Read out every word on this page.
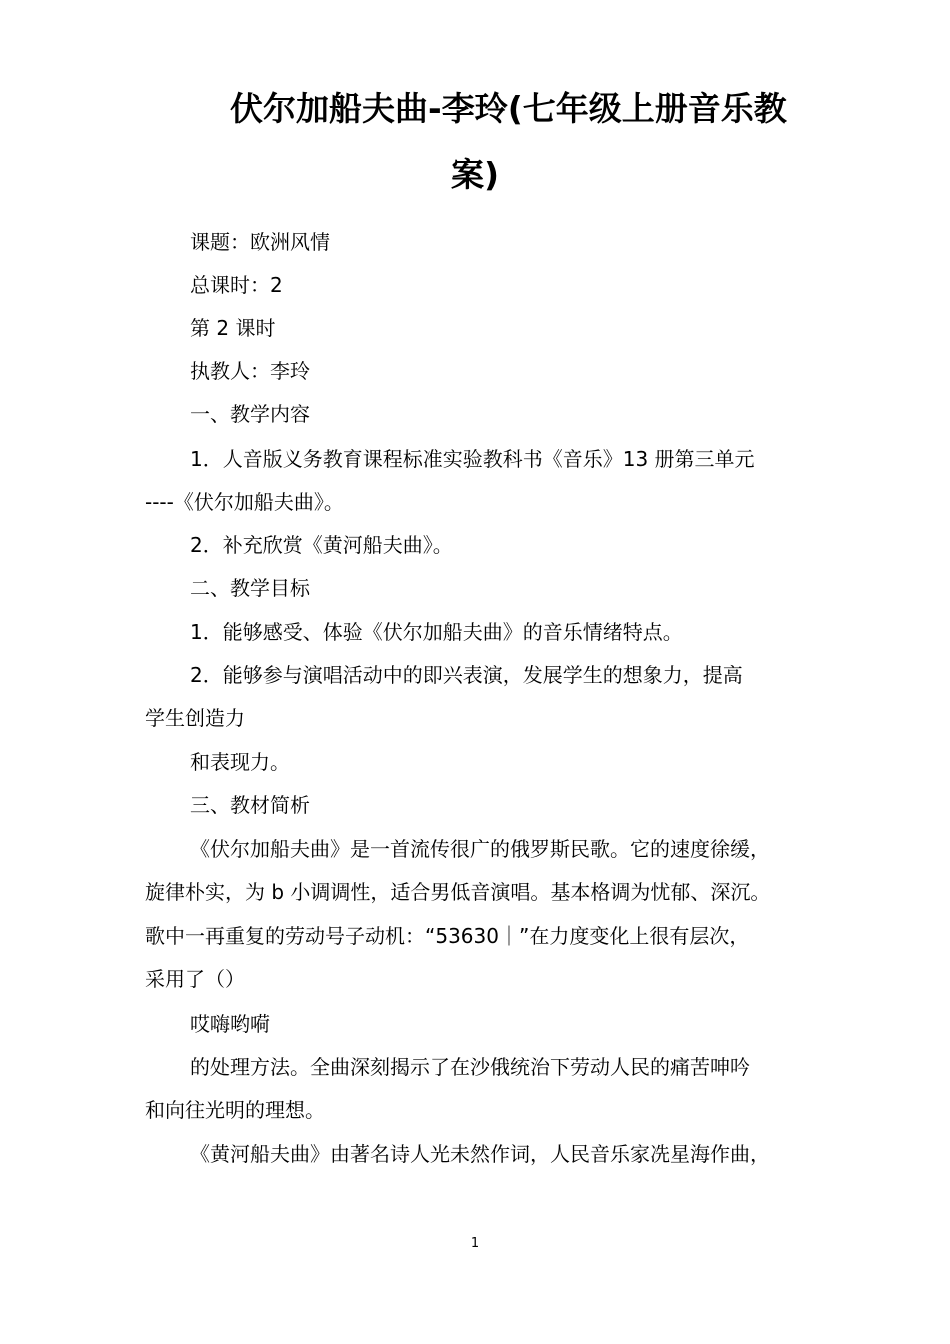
伏尔加船夫曲-李玲(七年级上册音乐教
案)
课题：欧洲风情
总课时：2
第 2 课时
执教人：李玲
一、教学内容
1．人音版义务教育课程标准实验教科书《音乐》13 册第三单元
----《伏尔加船夫曲》。
2．补充欣赏《黄河船夫曲》。
二、教学目标
1．能够感受、体验《伏尔加船夫曲》的音乐情绪特点。
2．能够参与演唱活动中的即兴表演，发展学生的想象力，提高
学生创造力
和表现力。
三、教材简析
《伏尔加船夫曲》是一首流传很广的俄罗斯民歌。它的速度徐缓，
旋律朴实，为 b 小调调性，适合男低音演唱。基本格调为忧郁、深沉。
歌中一再重复的劳动号子动机：“53630｜”在力度变化上很有层次，
采用了（）
哎嗨哟嗬
的处理方法。全曲深刻揭示了在沙俄统治下劳动人民的痛苦呻吟
和向往光明的理想。
《黄河船夫曲》由著名诗人光未然作词，人民音乐家冼星海作曲，
1
